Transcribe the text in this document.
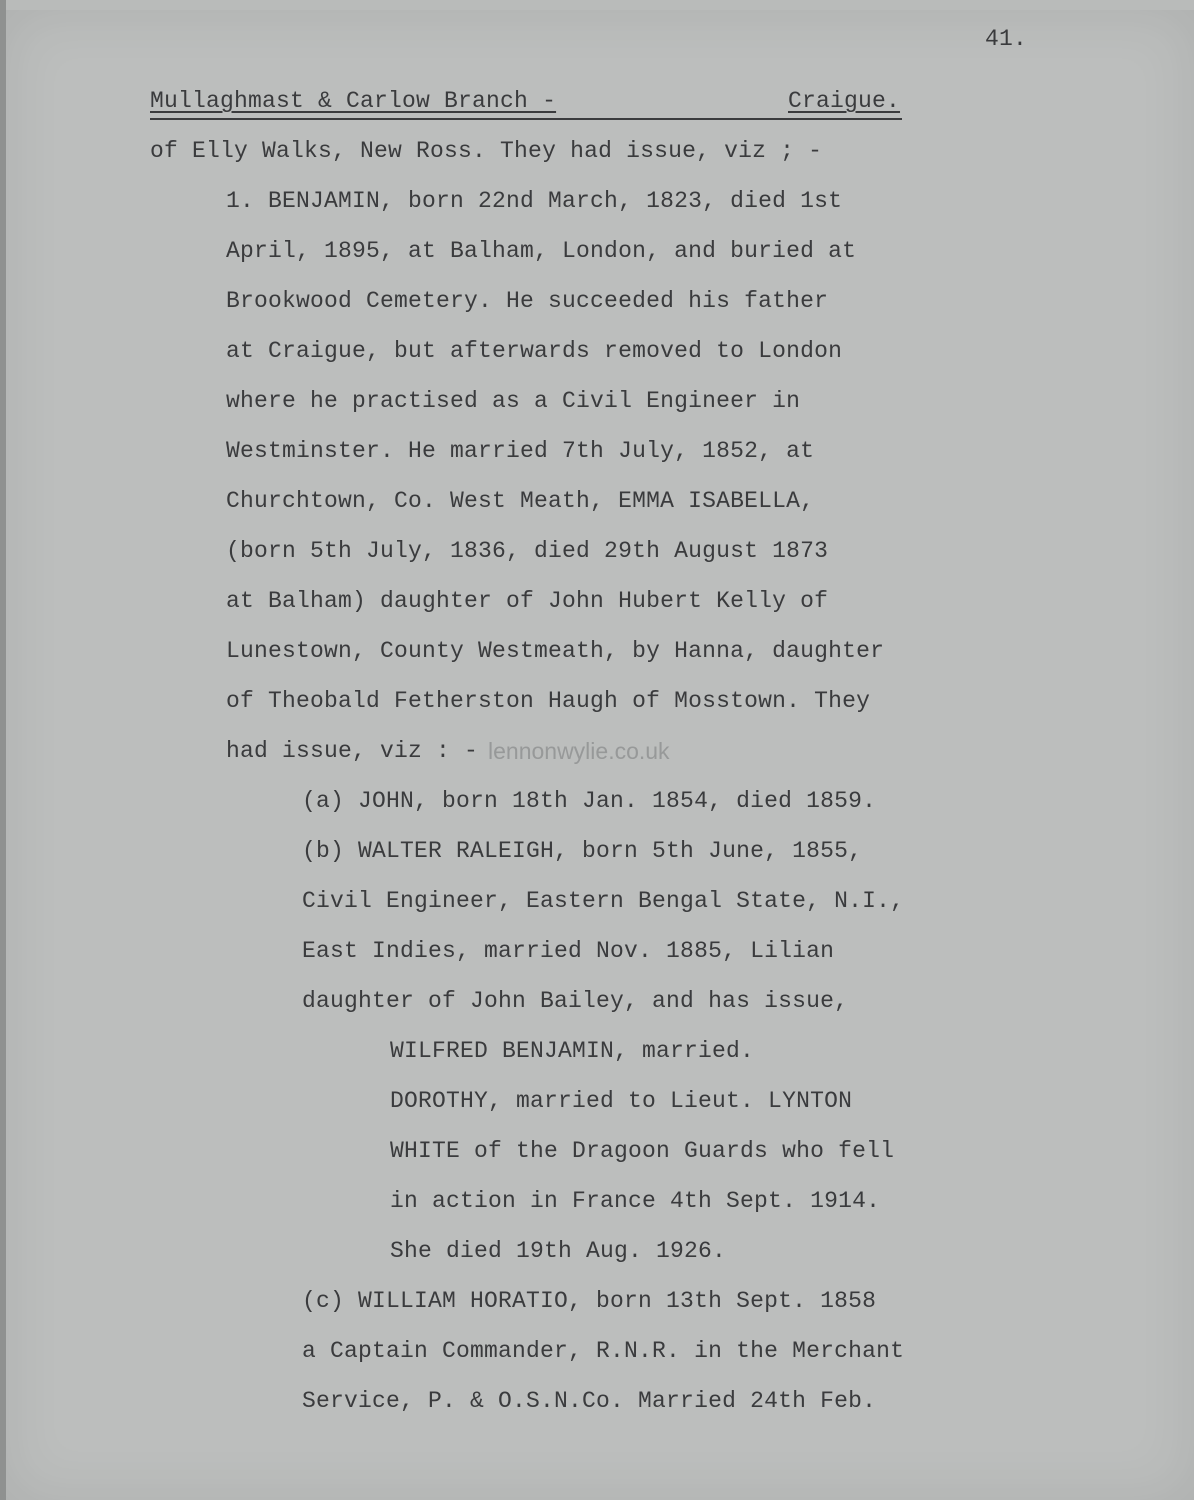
41.
Mullaghmast & Carlow Branch -	Craigue.
of Elly Walks, New Ross. They had issue, viz ; -
1. BENJAMIN, born 22nd March, 1823, died 1st
April, 1895, at Balham, London, and buried at
Brookwood Cemetery. He succeeded his father
at Craigue, but afterwards removed to London
where he practised as a Civil Engineer in
Westminster. He married 7th July, 1852, at
Churchtown, Co. West Meath, EMMA ISABELLA,
(born 5th July, 1836, died 29th August 1873
at Balham) daughter of John Hubert Kelly of
Lunestown, County Westmeath, by Hanna, daughter
of Theobald Fetherston Haugh of Mosstown. They
had issue, viz : - lennonwylie.co.uk
(a) JOHN, born 18th Jan. 1854, died 1859.
(b) WALTER RALEIGH, born 5th June, 1855,
Civil Engineer, Eastern Bengal State, N.I.,
East Indies, married Nov. 1885, Lilian
daughter of John Bailey, and has issue,
WILFRED BENJAMIN, married.
DOROTHY, married to Lieut. LYNTON
WHITE of the Dragoon Guards who fell
in action in France 4th Sept. 1914.
She died 19th Aug. 1926.
(c) WILLIAM HORATIO, born 13th Sept. 1858
a Captain Commander, R.N.R. in the Merchant
Service, P. & O.S.N.Co. Married 24th Feb.
